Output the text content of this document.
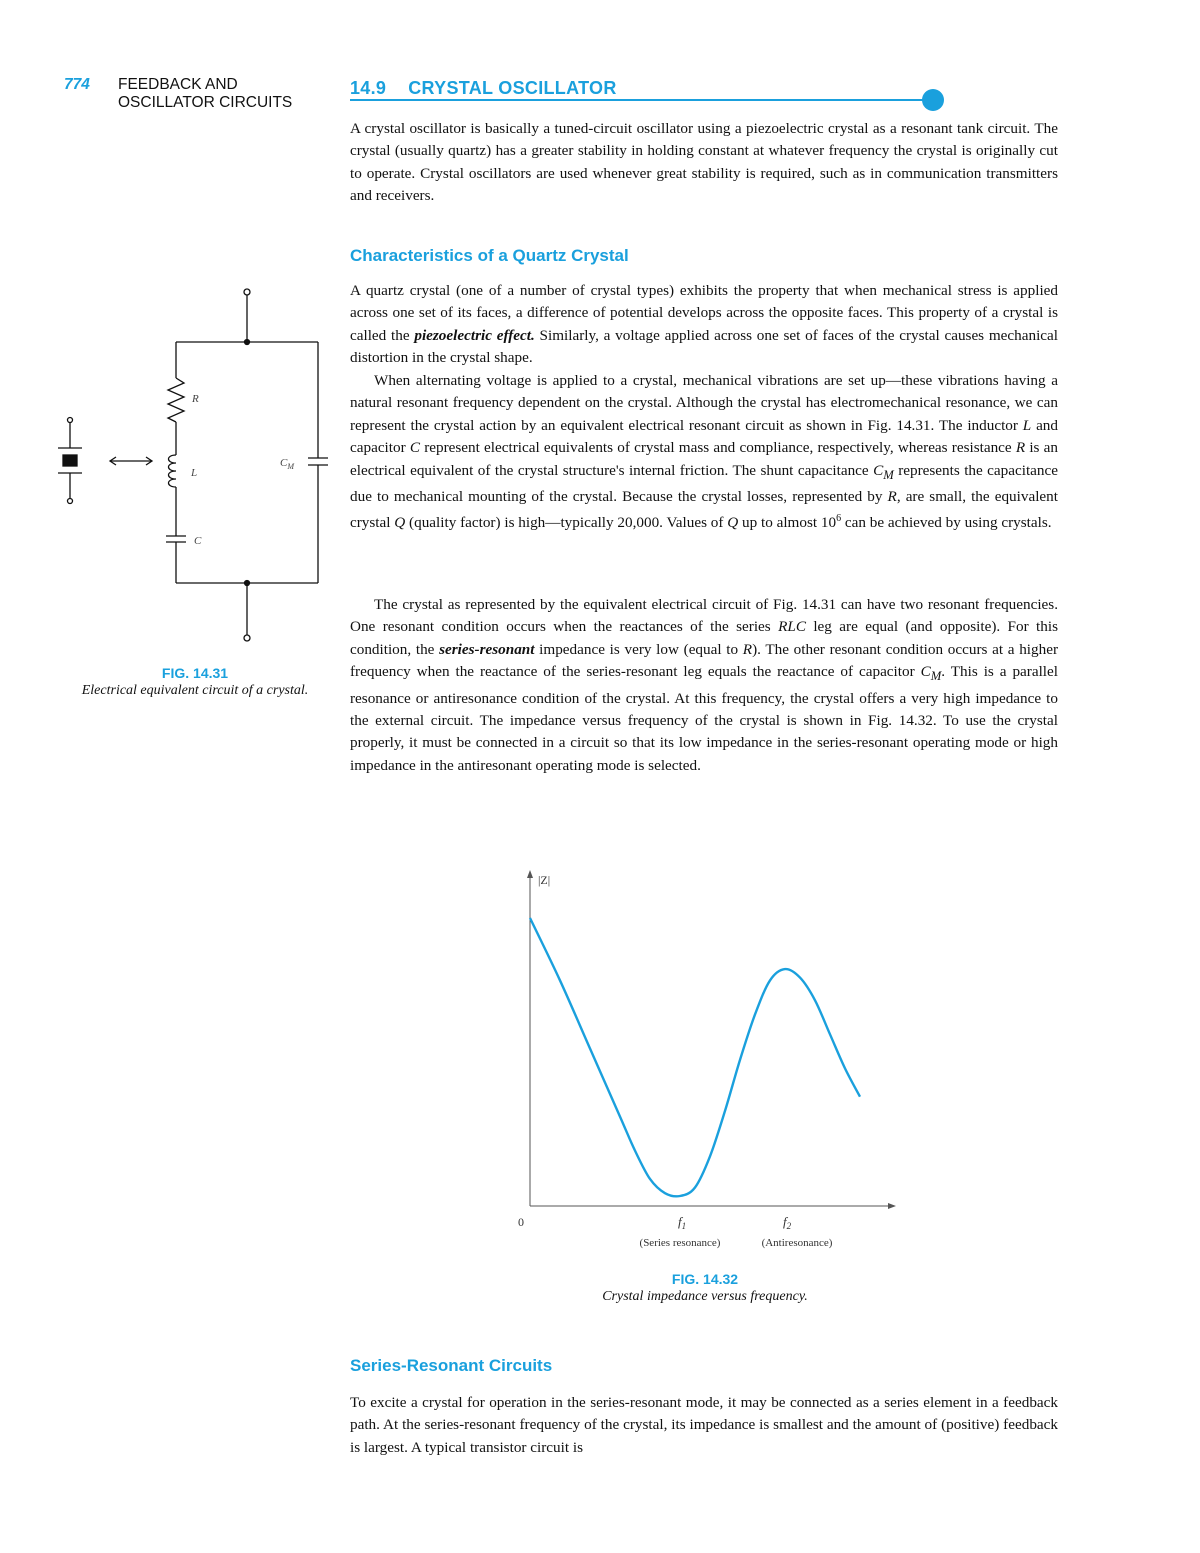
774 FEEDBACK AND
OSCILLATOR CIRCUITS
14.9 CRYSTAL OSCILLATOR
A crystal oscillator is basically a tuned-circuit oscillator using a piezoelectric crystal as a resonant tank circuit. The crystal (usually quartz) has a greater stability in holding constant at whatever frequency the crystal is originally cut to operate. Crystal oscillators are used whenever great stability is required, such as in communication transmitters and receivers.
Characteristics of a Quartz Crystal
A quartz crystal (one of a number of crystal types) exhibits the property that when mechanical stress is applied across one set of its faces, a difference of potential develops across the opposite faces. This property of a crystal is called the piezoelectric effect. Similarly, a voltage applied across one set of faces of the crystal causes mechanical distortion in the crystal shape.
When alternating voltage is applied to a crystal, mechanical vibrations are set up—these vibrations having a natural resonant frequency dependent on the crystal. Although the crystal has electromechanical resonance, we can represent the crystal action by an equivalent electrical resonant circuit as shown in Fig. 14.31. The inductor L and capacitor C represent electrical equivalents of crystal mass and compliance, respectively, whereas resistance R is an electrical equivalent of the crystal structure's internal friction. The shunt capacitance $C_M$ represents the capacitance due to mechanical mounting of the crystal. Because the crystal losses, represented by R, are small, the equivalent crystal Q (quality factor) is high—typically 20,000. Values of Q up to almost $10^6$ can be achieved by using crystals.
The crystal as represented by the equivalent electrical circuit of Fig. 14.31 can have two resonant frequencies. One resonant condition occurs when the reactances of the series RLC leg are equal (and opposite). For this condition, the series-resonant impedance is very low (equal to R). The other resonant condition occurs at a higher frequency when the reactance of the series-resonant leg equals the reactance of capacitor $C_M$. This is a parallel resonance or antiresonance condition of the crystal. At this frequency, the crystal offers a very high impedance to the external circuit. The impedance versus frequency of the crystal is shown in Fig. 14.32. To use the crystal properly, it must be connected in a circuit so that its low impedance in the series-resonant operating mode or high impedance in the antiresonant operating mode is selected.
R
L
C
$C_M$
FIG. 14.31
Electrical equivalent circuit of a crystal.
|Z|
0	$f_1$	$f_2$
(Series resonance)	(Antiresonance)
FIG. 14.32
Crystal impedance versus frequency.
Series-Resonant Circuits
To excite a crystal for operation in the series-resonant mode, it may be connected as a series element in a feedback path. At the series-resonant frequency of the crystal, its impedance is smallest and the amount of (positive) feedback is largest. A typical transistor circuit is
